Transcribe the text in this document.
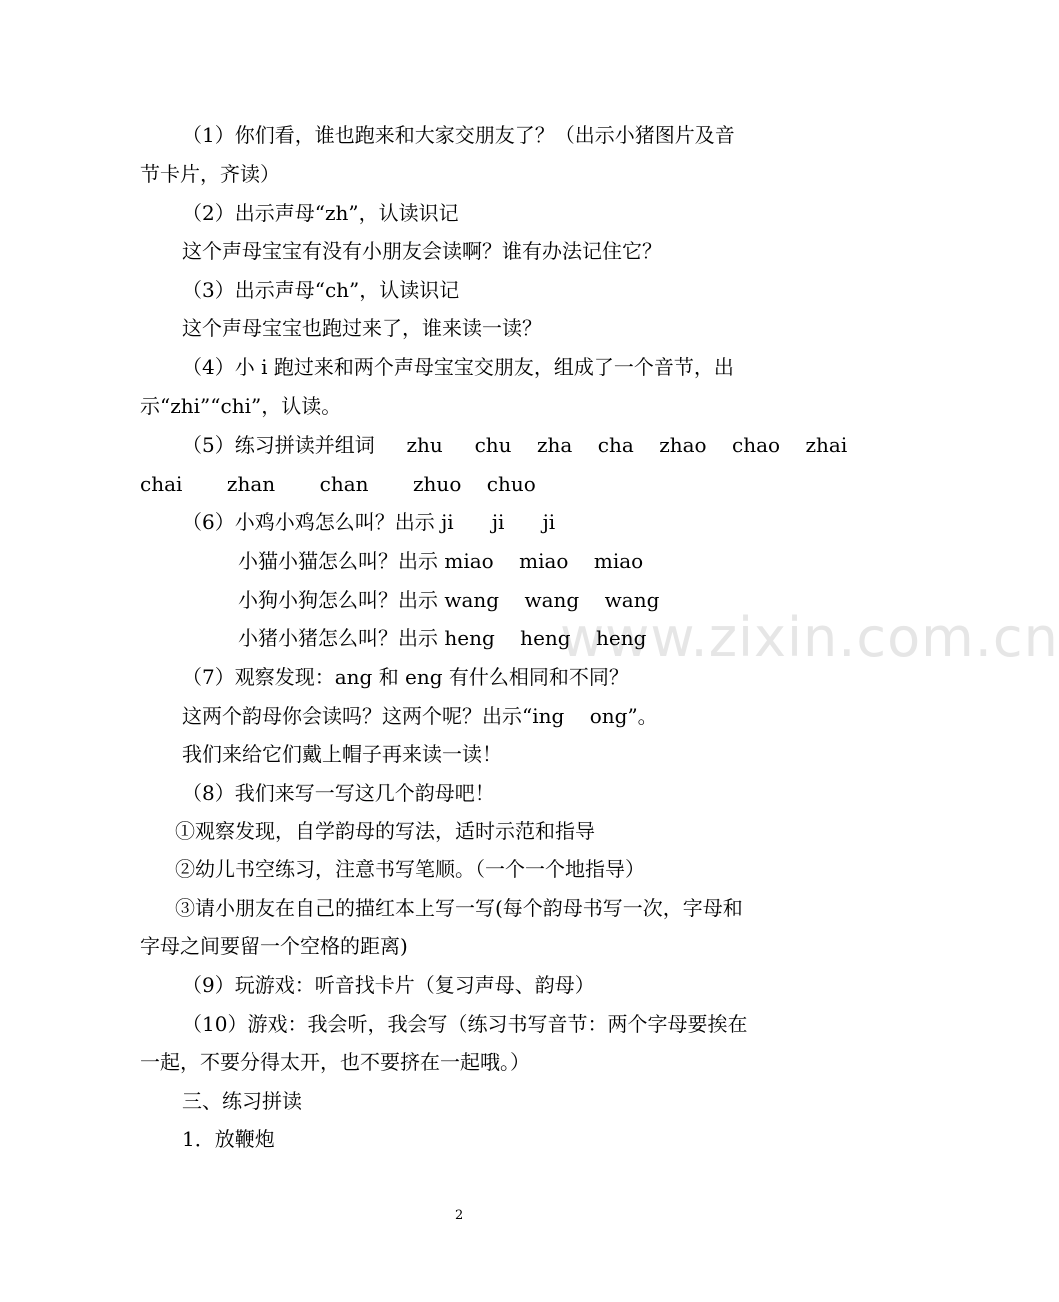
www.zixin.com.cn
（1）你们看，谁也跑来和大家交朋友了？（出示小猪图片及音
节卡片，齐读）
（2）出示声母“zh”，认读识记
这个声母宝宝有没有小朋友会读啊？谁有办法记住它？
（3）出示声母“ch”，认读识记
这个声母宝宝也跑过来了，谁来读一读？
（4）小 i 跑过来和两个声母宝宝交朋友，组成了一个音节，出
示“zhi”“chi”，认读。
（5）练习拼读并组词     zhu     chu    zha    cha    zhao    chao    zhai
chai       zhan       chan       zhuo    chuo
（6）小鸡小鸡怎么叫？出示 ji      ji      ji
小猫小猫怎么叫？出示 miao    miao    miao
小狗小狗怎么叫？出示 wang    wang    wang
小猪小猪怎么叫？出示 heng    heng    heng
（7）观察发现：ang 和 eng 有什么相同和不同？
这两个韵母你会读吗？这两个呢？出示“ing    ong”。
我们来给它们戴上帽子再来读一读！
（8）我们来写一写这几个韵母吧！
①观察发现，自学韵母的写法，适时示范和指导
②幼儿书空练习，注意书写笔顺。（一个一个地指导）
③请小朋友在自己的描红本上写一写(每个韵母书写一次，字母和
字母之间要留一个空格的距离)
（9）玩游戏：听音找卡片（复习声母、韵母）
（10）游戏：我会听，我会写（练习书写音节：两个字母要挨在
一起，不要分得太开，也不要挤在一起哦。）
三、练习拼读
1．放鞭炮
2
